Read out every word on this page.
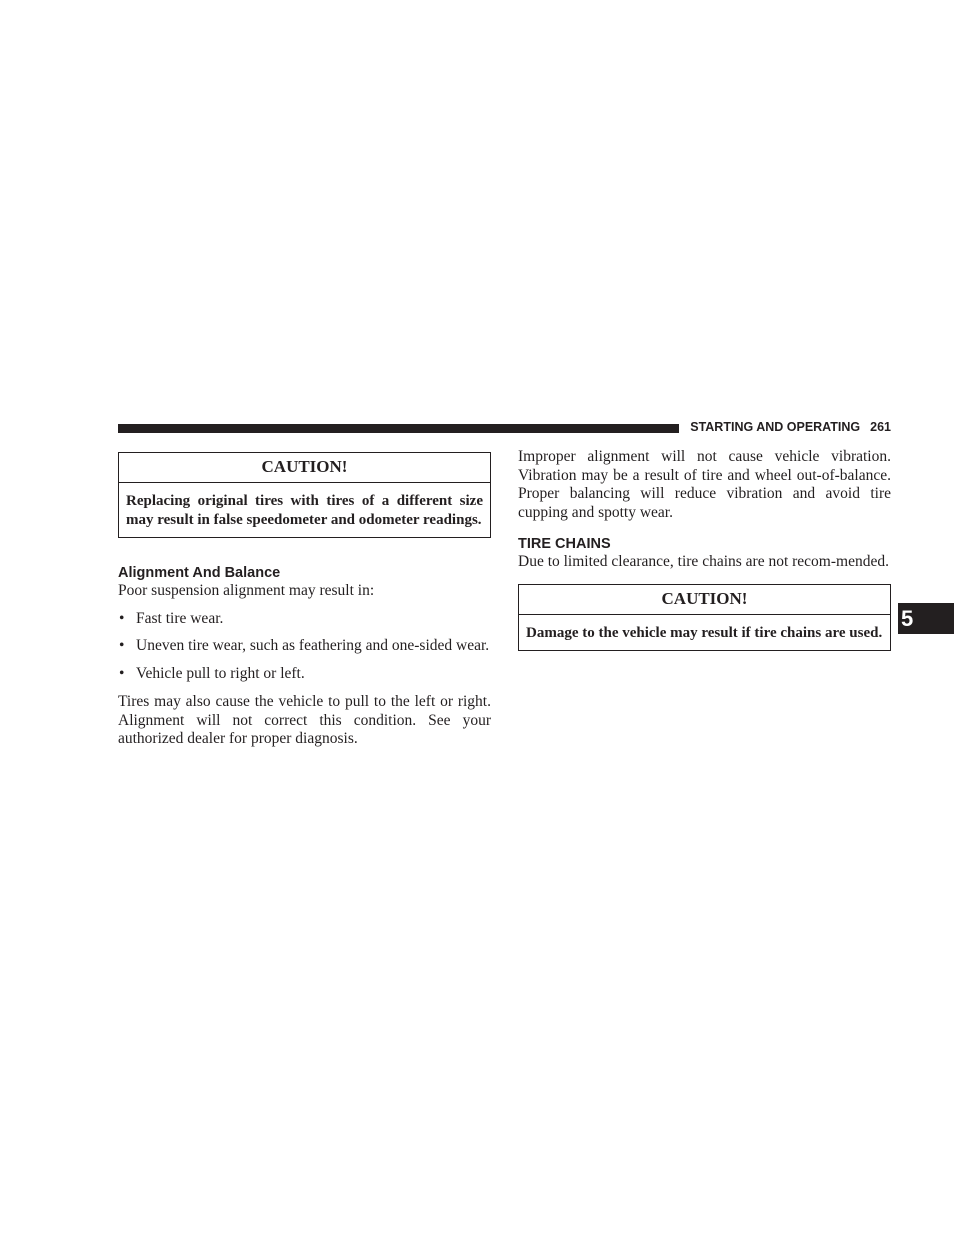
STARTING AND OPERATING 261
CAUTION!
Replacing original tires with tires of a different size may result in false speedometer and odometer readings.
Alignment And Balance

Poor suspension alignment may result in:

• Fast tire wear.
• Uneven tire wear, such as feathering and one-sided wear.
• Vehicle pull to right or left.

Tires may also cause the vehicle to pull to the left or right. Alignment will not correct this condition. See your authorized dealer for proper diagnosis.

Improper alignment will not cause vehicle vibration. Vibration may be a result of tire and wheel out-of-balance. Proper balancing will reduce vibration and avoid tire cupping and spotty wear.

TIRE CHAINS

Due to limited clearance, tire chains are not recom-mended.

CAUTION!
Damage to the vehicle may result if tire chains are used.
5
